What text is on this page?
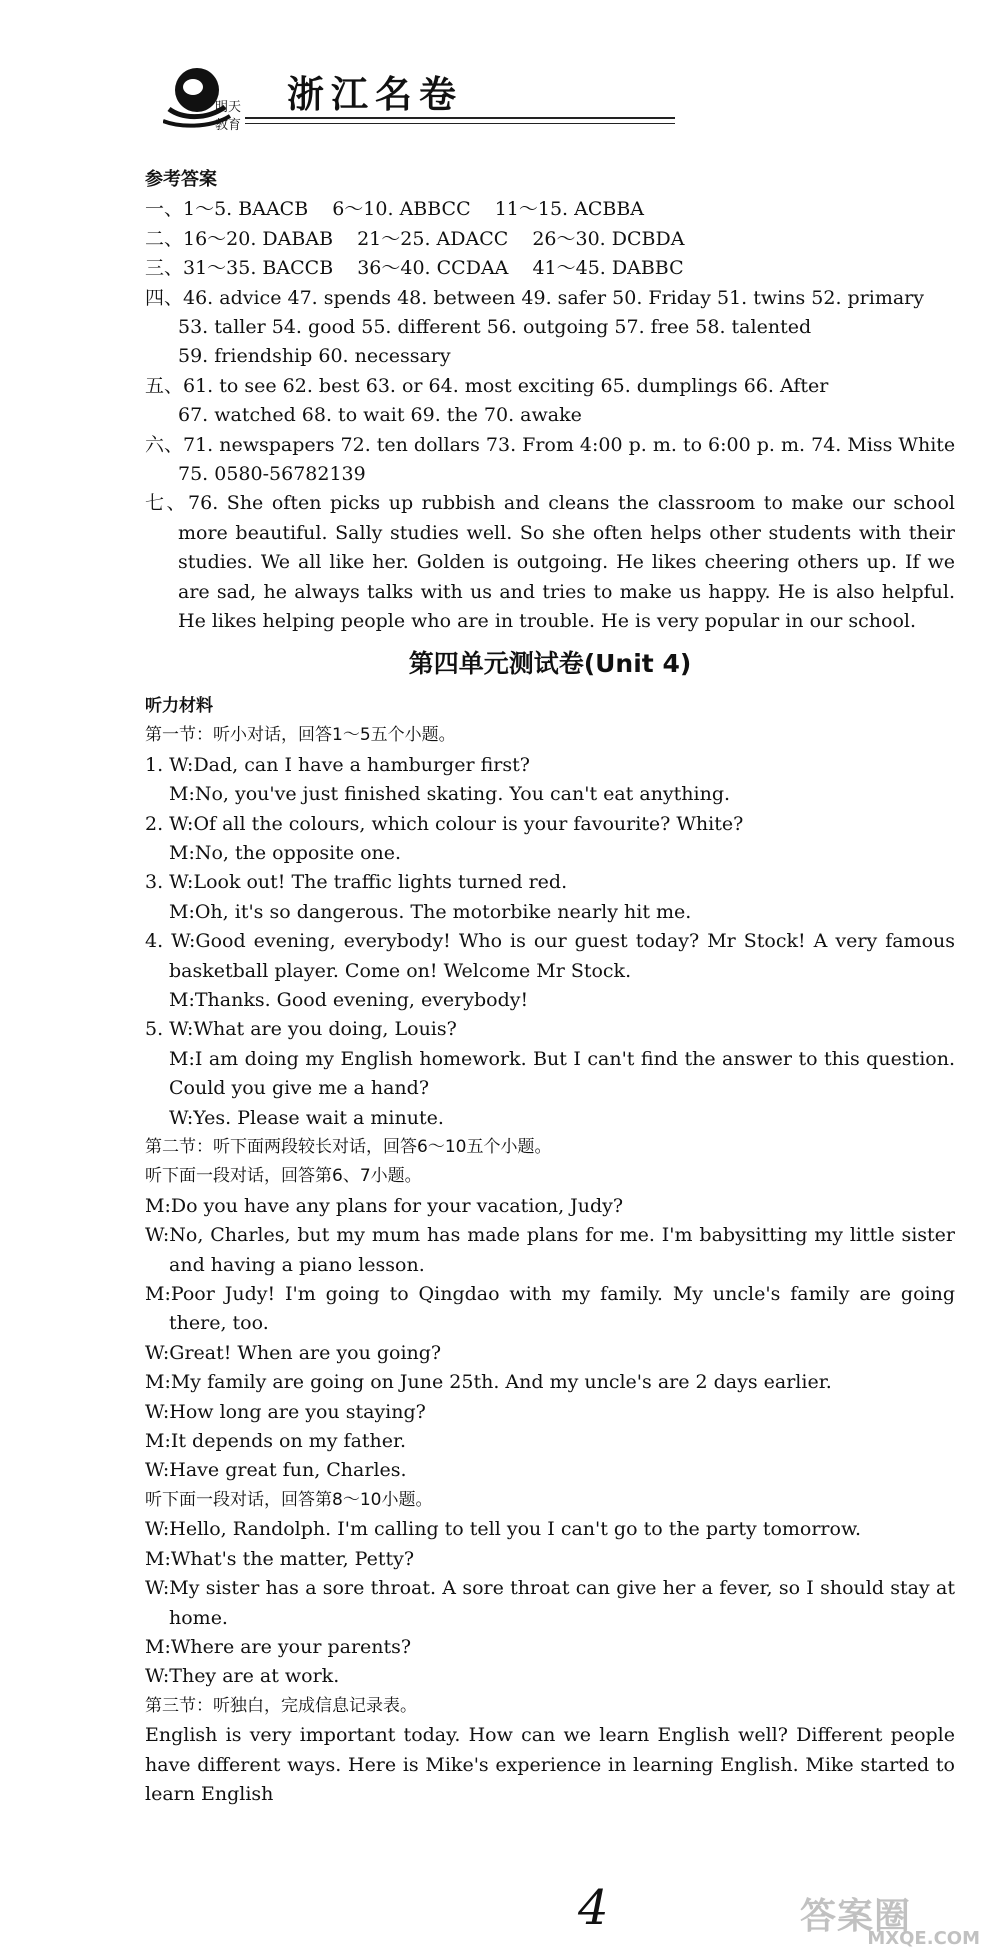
明天
教育
浙江名卷
参考答案
一、1～5. BAACB 6～10. ABBCC 11～15. ACBBA
二、16～20. DABAB 21～25. ADACC 26～30. DCBDA
三、31～35. BACCB 36～40. CCDAA 41～45. DABBC
四、46. advice 47. spends 48. between 49. safer 50. Friday 51. twins 52. primary
53. taller 54. good 55. different 56. outgoing 57. free 58. talented
59. friendship 60. necessary
五、61. to see 62. best 63. or 64. most exciting 65. dumplings 66. After
67. watched 68. to wait 69. the 70. awake
六、71. newspapers 72. ten dollars 73. From 4:00 p. m. to 6:00 p. m. 74. Miss White
75. 0580-56782139
七、76. She often picks up rubbish and cleans the classroom to make our school more beautiful. Sally studies well. So she often helps other students with their studies. We all like her. Golden is outgoing. He likes cheering others up. If we are sad, he always talks with us and tries to make us happy. He is also helpful. He likes helping people who are in trouble. He is very popular in our school.
第四单元测试卷(Unit 4)
听力材料
第一节：听小对话，回答1～5五个小题。
1. W:Dad, can I have a hamburger first?
M:No, you've just finished skating. You can't eat anything.
2. W:Of all the colours, which colour is your favourite? White?
M:No, the opposite one.
3. W:Look out! The traffic lights turned red.
M:Oh, it's so dangerous. The motorbike nearly hit me.
4. W:Good evening, everybody! Who is our guest today? Mr Stock! A very famous basketball player. Come on! Welcome Mr Stock.
M:Thanks. Good evening, everybody!
5. W:What are you doing, Louis?
M:I am doing my English homework. But I can't find the answer to this question. Could you give me a hand?
W:Yes. Please wait a minute.
第二节：听下面两段较长对话，回答6～10五个小题。
听下面一段对话，回答第6、7小题。
M:Do you have any plans for your vacation, Judy?
W:No, Charles, but my mum has made plans for me. I'm babysitting my little sister and having a piano lesson.
M:Poor Judy! I'm going to Qingdao with my family. My uncle's family are going there, too.
W:Great! When are you going?
M:My family are going on June 25th. And my uncle's are 2 days earlier.
W:How long are you staying?
M:It depends on my father.
W:Have great fun, Charles.
听下面一段对话，回答第8～10小题。
W:Hello, Randolph. I'm calling to tell you I can't go to the party tomorrow.
M:What's the matter, Petty?
W:My sister has a sore throat. A sore throat can give her a fever, so I should stay at home.
M:Where are your parents?
W:They are at work.
第三节：听独白，完成信息记录表。
English is very important today. How can we learn English well? Different people have different ways. Here is Mike's experience in learning English. Mike started to learn English
4	答案圈
MXQE.COM
